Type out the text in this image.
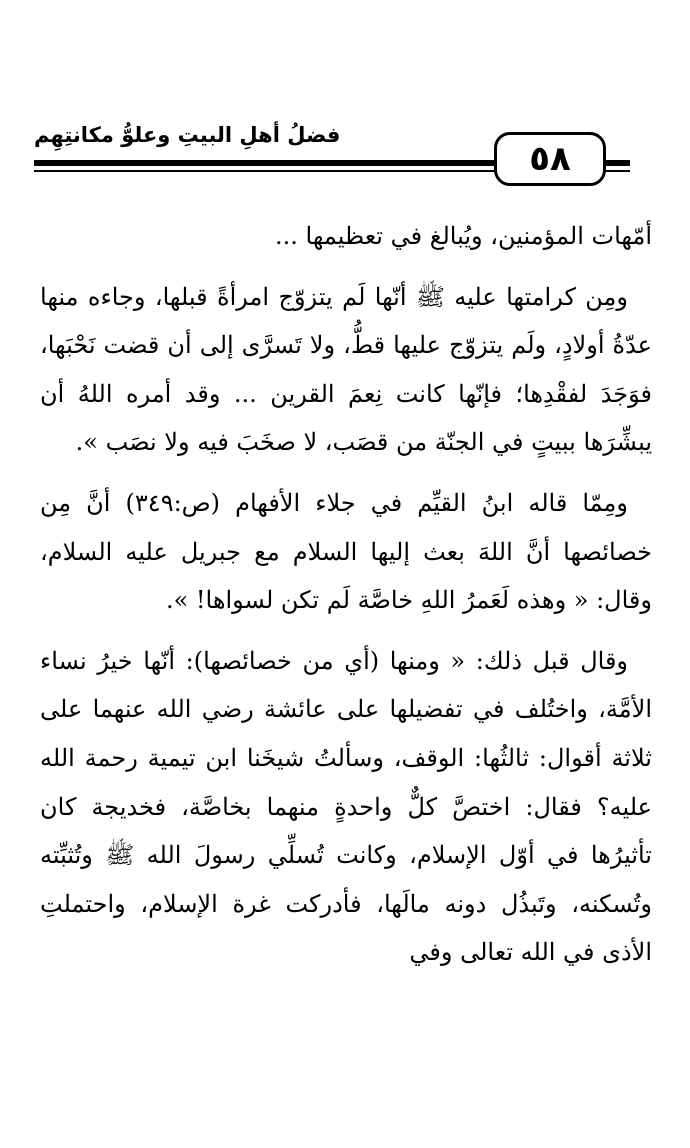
فضلُ أهلِ البيتِ وعلوُّ مكانتِهِم
٥٨

أمّهات المؤمنين، ويُبالغ في تعظيمها ...

ومِن كرامتها عليه ﷺ أنّها لَم يتزوّج امرأةً قبلها، وجاءه منها عدّةُ أولادٍ، ولَم يتزوّج عليها قطُّ، ولا تَسرَّى إلى أن قضت نَحْبَها، فوَجَدَ لفقْدِها؛ فإنّها كانت نِعمَ القرين ... وقد أمره اللهُ أن يبشِّرَها ببيتٍ في الجنّة من قصَب، لا صخَبَ فيه ولا نصَب ».

ومِمّا قاله ابنُ القيِّم في جلاء الأفهام (ص:٣٤٩) أنَّ مِن خصائصها أنَّ اللهَ بعث إليها السلام مع جبريل عليه السلام، وقال: « وهذه لَعَمرُ اللهِ خاصَّة لَم تكن لسواها! ».

وقال قبل ذلك: « ومنها (أي من خصائصها): أنّها خيرُ نساء الأمَّة، واختُلف في تفضيلها على عائشة رضي الله عنهما على ثلاثة أقوال: ثالثُها: الوقف، وسألتُ شيخَنا ابن تيمية رحمة الله عليه؟ فقال: اختصَّ كلٌّ واحدةٍ منهما بخاصَّة، فخديجة كان تأثيرُها في أوّل الإسلام، وكانت تُسلِّي رسولَ الله ﷺ وتُثبِّته وتُسكنه، وتَبذُل دونه مالَها، فأدركت غرة الإسلام، واحتملتِ الأذى في الله تعالى وفي
